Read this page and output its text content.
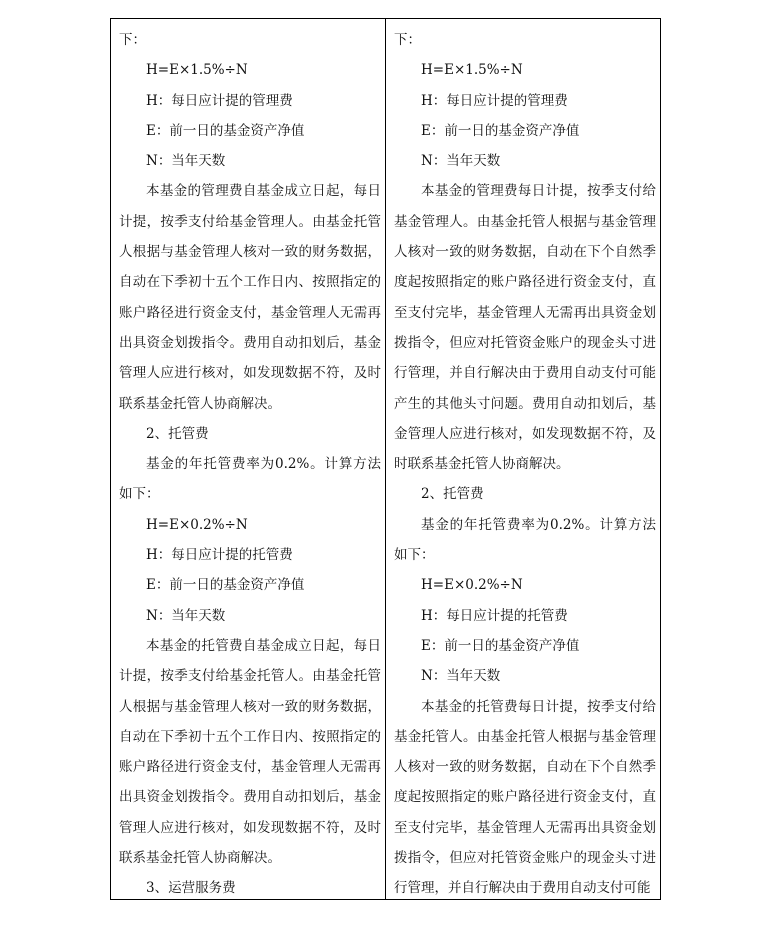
下：

H=E×1.5%÷N

H：每日应计提的管理费

E：前一日的基金资产净值

N：当年天数

本基金的管理费自基金成立日起，每日计提，按季支付给基金管理人。由基金托管人根据与基金管理人核对一致的财务数据，自动在下季初十五个工作日内、按照指定的账户路径进行资金支付，基金管理人无需再出具资金划拨指令。费用自动扣划后，基金管理人应进行核对，如发现数据不符，及时联系基金托管人协商解决。

2、托管费

基金的年托管费率为0.2%。计算方法如下：

H=E×0.2%÷N

H：每日应计提的托管费

E：前一日的基金资产净值

N：当年天数

本基金的托管费自基金成立日起，每日计提，按季支付给基金托管人。由基金托管人根据与基金管理人核对一致的财务数据，自动在下季初十五个工作日内、按照指定的账户路径进行资金支付，基金管理人无需再出具资金划拨指令。费用自动扣划后，基金管理人应进行核对，如发现数据不符，及时联系基金托管人协商解决。

3、运营服务费

下：

H=E×1.5%÷N

H：每日应计提的管理费

E：前一日的基金资产净值

N：当年天数

本基金的管理费每日计提，按季支付给基金管理人。由基金托管人根据与基金管理人核对一致的财务数据，自动在下个自然季度起按照指定的账户路径进行资金支付，直至支付完毕，基金管理人无需再出具资金划拨指令，但应对托管资金账户的现金头寸进行管理，并自行解决由于费用自动支付可能产生的其他头寸问题。费用自动扣划后，基金管理人应进行核对，如发现数据不符，及时联系基金托管人协商解决。

2、托管费

基金的年托管费率为0.2%。计算方法如下：

H=E×0.2%÷N

H：每日应计提的托管费

E：前一日的基金资产净值

N：当年天数

本基金的托管费每日计提，按季支付给基金托管人。由基金托管人根据与基金管理人核对一致的财务数据，自动在下个自然季度起按照指定的账户路径进行资金支付，直至支付完毕，基金管理人无需再出具资金划拨指令，但应对托管资金账户的现金头寸进行管理，并自行解决由于费用自动支付可能
